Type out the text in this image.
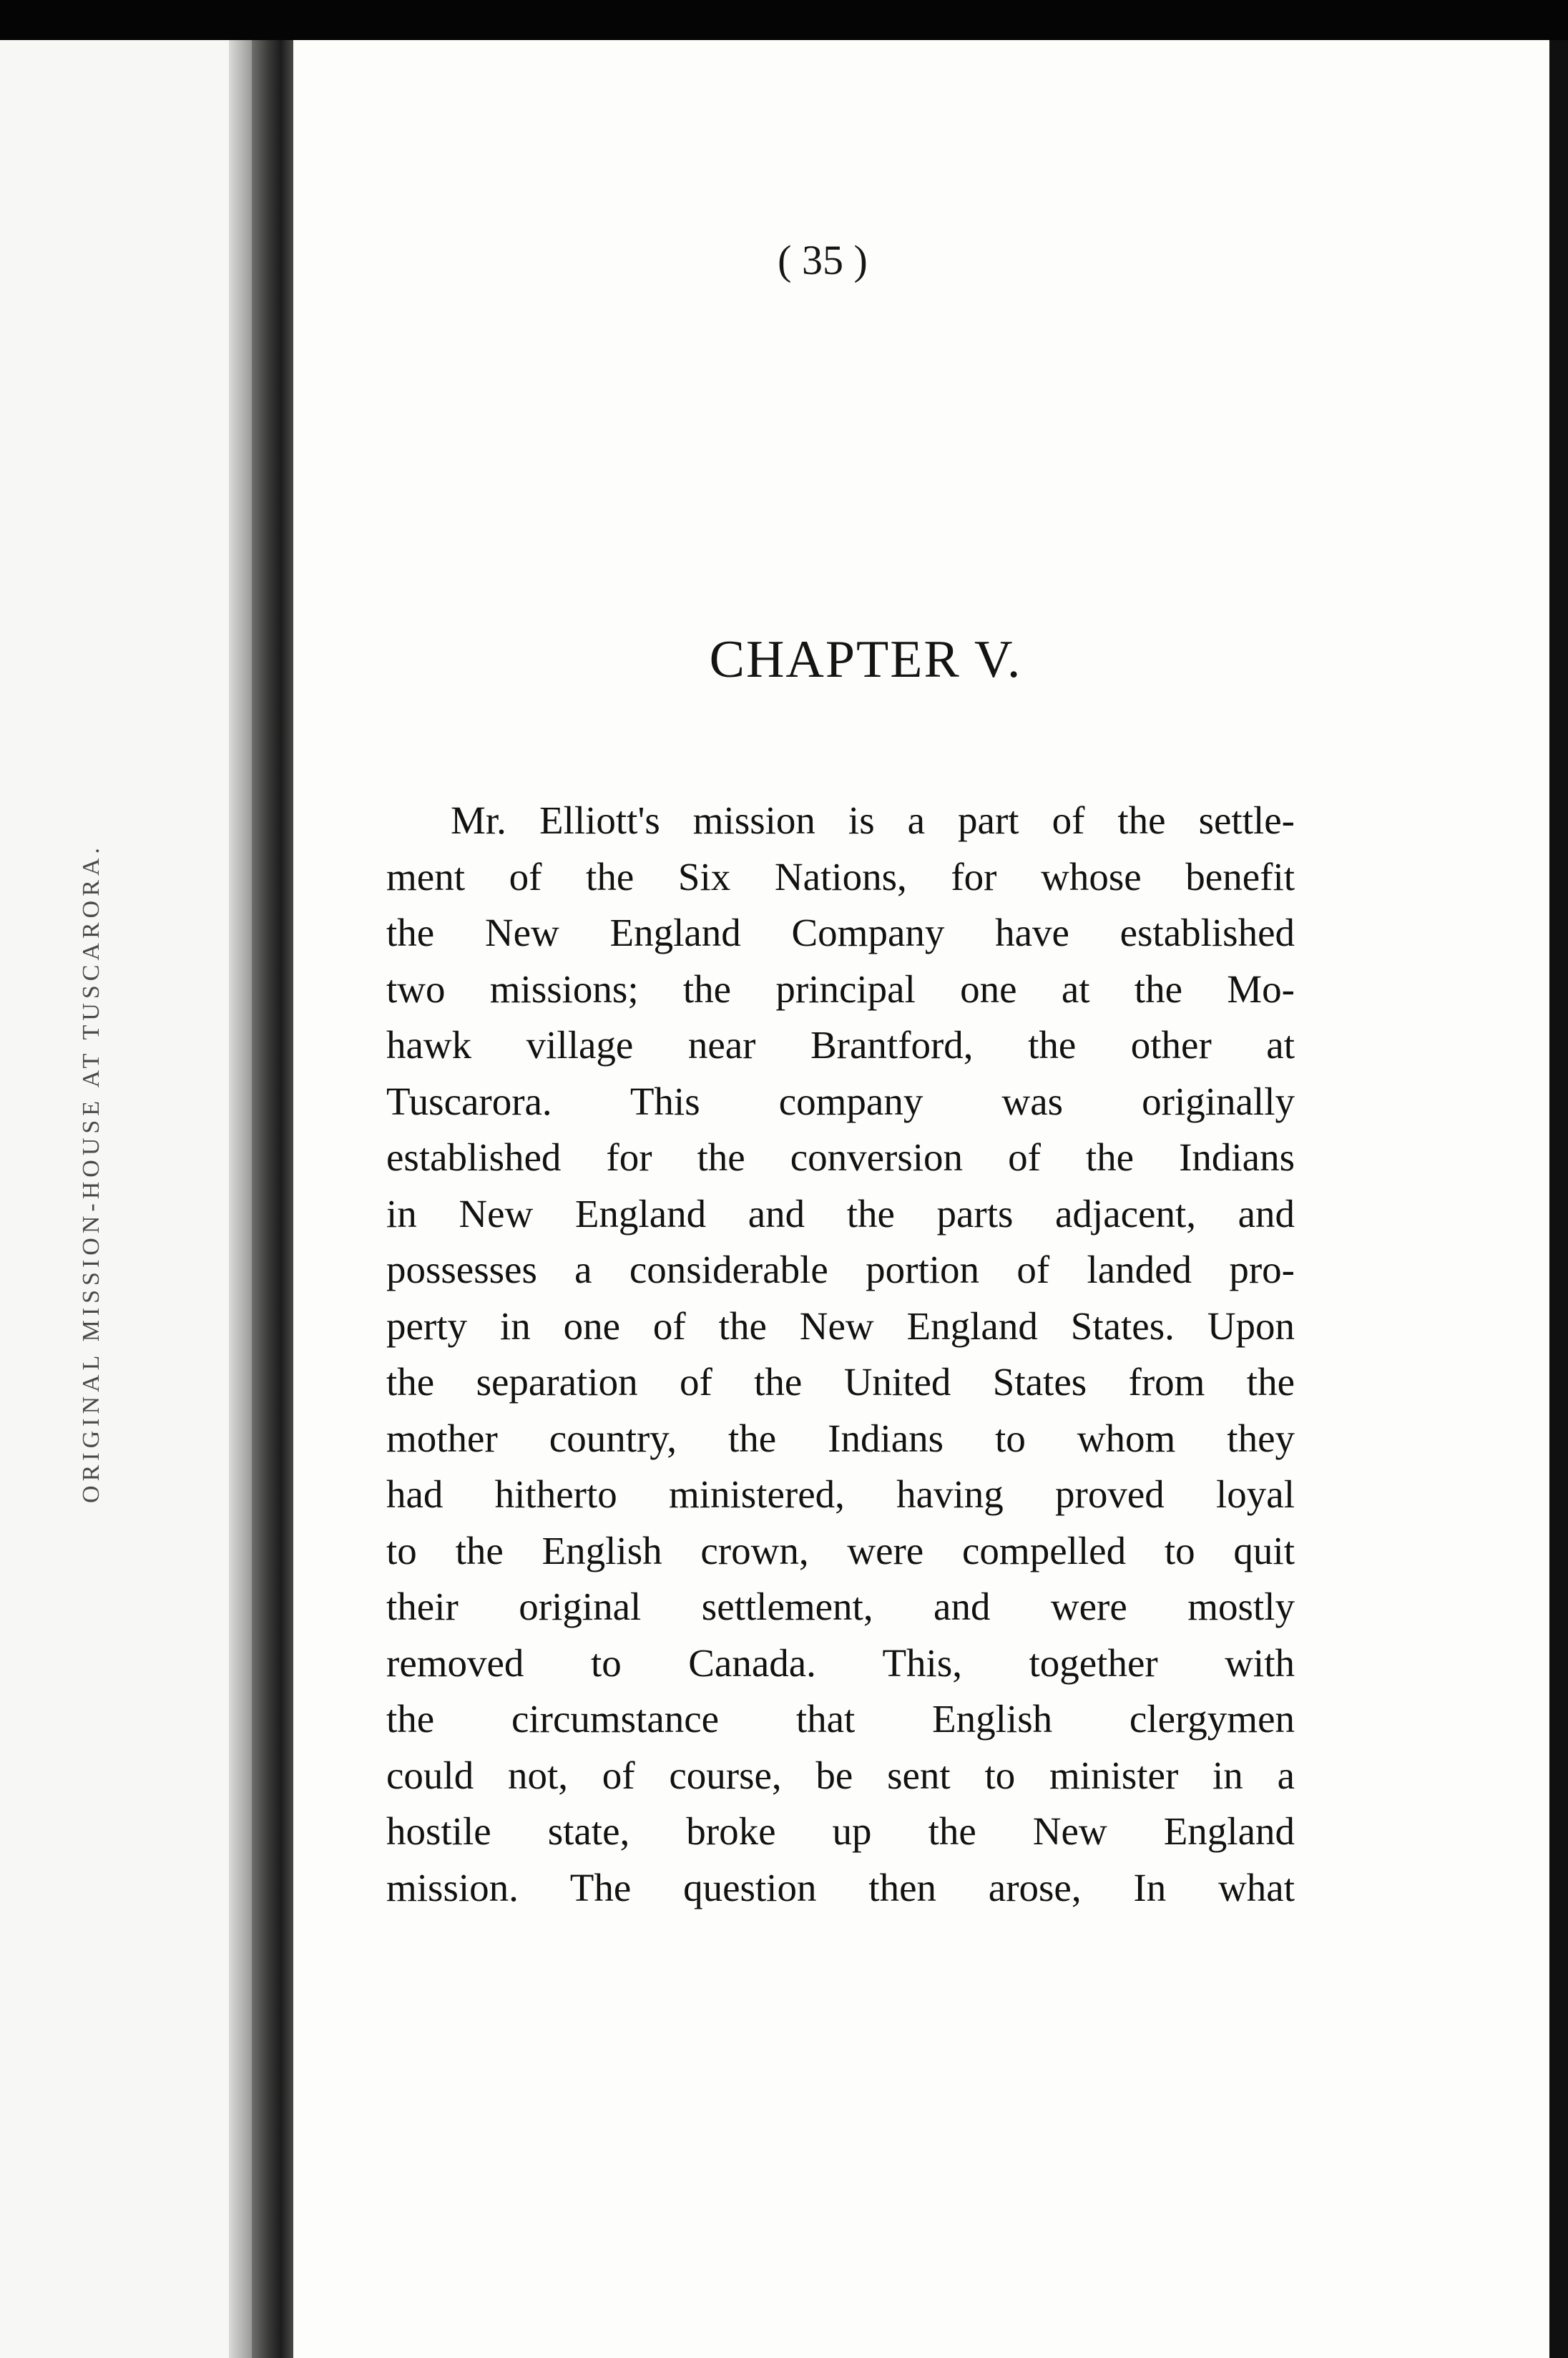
ORIGINAL MISSION-HOUSE AT TUSCARORA.
( 35 )
CHAPTER V.
Mr. Elliott's mission is a part of the settle-
ment of the Six Nations, for whose benefit
the New England Company have established
two missions; the principal one at the Mo-
hawk village near Brantford, the other at
Tuscarora. This company was originally
established for the conversion of the Indians
in New England and the parts adjacent, and
possesses a considerable portion of landed pro-
perty in one of the New England States. Upon
the separation of the United States from the
mother country, the Indians to whom they
had hitherto ministered, having proved loyal
to the English crown, were compelled to quit
their original settlement, and were mostly
removed to Canada. This, together with
the circumstance that English clergymen
could not, of course, be sent to minister in a
hostile state, broke up the New England
mission. The question then arose, In what
